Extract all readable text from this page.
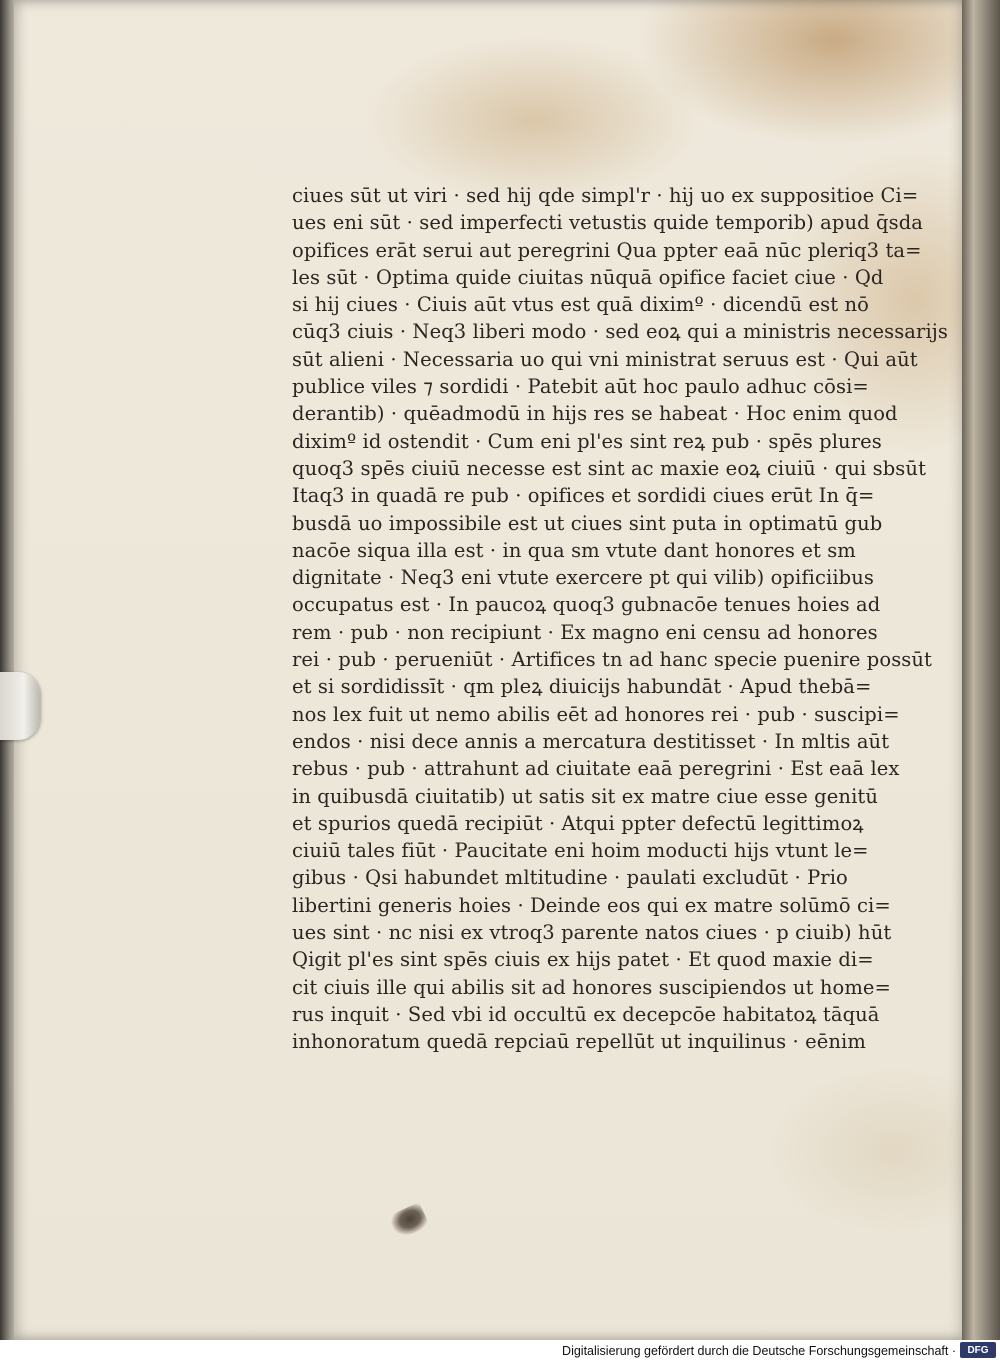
ciues sūt ut viri · sed hij qde simpl'r · hij uo ex suppositioe Ci=
ues eni sūt · sed imperfecti vetustis quide temporib) apud q̄sda
opifices erāt serui aut peregrini Qua ppter eaā nūc pleriq3 ta=
les sūt · Optima quide ciuitas nūquā opifice faciet ciue · Qd
si hij ciues · Ciuis aūt vtus est quā diximº · dicendū est nō
cūq3 ciuis · Neq3 liberi modo · sed eoꝝ qui a ministris necessarijs
sūt alieni · Necessaria uo qui vni ministrat seruus est · Qui aūt
publice viles ⁊ sordidi · Patebit aūt hoc paulo adhuc cōsi=
derantib) · quēadmodū in hijs res se habeat · Hoc enim quod
diximº id ostendit · Cum eni pl'es sint reꝝ pub · spēs plures
quoq3 spēs ciuiū necesse est sint ac maxie eoꝝ ciuiū · qui sbsūt
Itaq3 in quadā re pub · opifices et sordidi ciues erūt In q̄=
busdā uo impossibile est ut ciues sint puta in optimatū gub
nacōe siqua illa est · in qua sm vtute dant honores et sm
dignitate · Neq3 eni vtute exercere pt qui vilib) opificiibus
occupatus est · In paucoꝝ quoq3 gubnacōe tenues hoies ad
rem · pub · non recipiunt · Ex magno eni censu ad honores
rei · pub · perueniūt · Artifices tn ad hanc specie puenire possūt
et si sordidissīt · qm pleꝝ diuicijs habundāt · Apud thebā=
nos lex fuit ut nemo abilis eēt ad honores rei · pub · suscipi=
endos · nisi dece annis a mercatura destitisset · In mltis aūt
rebus · pub · attrahunt ad ciuitate eaā peregrini · Est eaā lex
in quibusdā ciuitatib) ut satis sit ex matre ciue esse genitū
et spurios quedā recipiūt · Atqui ppter defectū legittimoꝝ
ciuiū tales fiūt · Paucitate eni hoim moducti hijs vtunt le=
gibus · Qsi habundet mltitudine · paulati excludūt · Prio
libertini generis hoies · Deinde eos qui ex matre solūmō ci=
ues sint · nc nisi ex vtroq3 parente natos ciues · p ciuib) hūt
Qigit pl'es sint spēs ciuis ex hijs patet · Et quod maxie di=
cit ciuis ille qui abilis sit ad honores suscipiendos ut home=
rus inquit · Sed vbi id occultū ex decepcōe habitatoꝝ tāquā
inhonoratum quedā repciaū repellūt ut inquilinus · eēnim
Digitalisierung gefördert durch die Deutsche Forschungsgemeinschaft ·	DFG
